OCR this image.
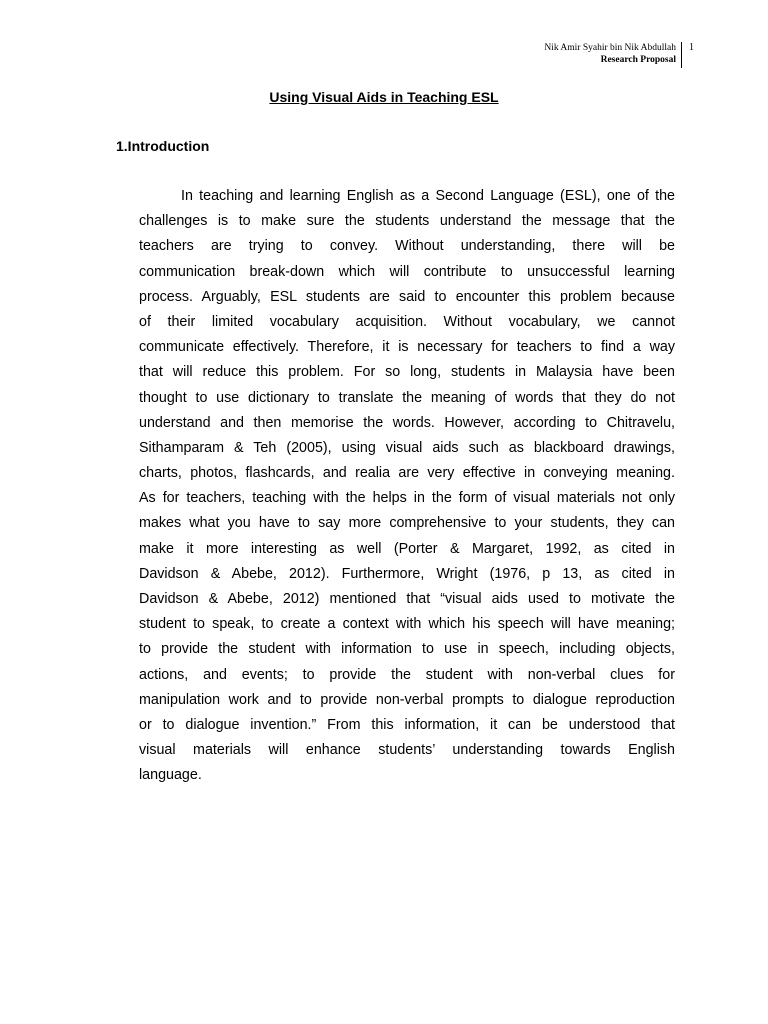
Nik Amir Syahir bin Nik Abdullah
Research Proposal
1
Using Visual Aids in Teaching ESL
1.Introduction
In teaching and learning English as a Second Language (ESL), one of the
challenges is to make sure the students understand the message that the
teachers are trying to convey. Without understanding, there will be
communication break-down which will contribute to unsuccessful learning
process. Arguably, ESL students are said to encounter this problem because
of their limited vocabulary acquisition. Without vocabulary, we cannot
communicate effectively. Therefore, it is necessary for teachers to find a way
that will reduce this problem. For so long, students in Malaysia have been
thought to use dictionary to translate the meaning of words that they do not
understand and then memorise the words. However, according to Chitravelu,
Sithamparam & Teh (2005), using visual aids such as blackboard drawings,
charts, photos, flashcards, and realia are very effective in conveying meaning.
As for teachers, teaching with the helps in the form of visual materials not only
makes what you have to say more comprehensive to your students, they can
make it more interesting as well (Porter & Margaret, 1992, as cited in
Davidson & Abebe, 2012). Furthermore, Wright (1976, p 13, as cited in
Davidson & Abebe, 2012) mentioned that “visual aids used to motivate the
student to speak, to create a context with which his speech will have meaning;
to provide the student with information to use in speech, including objects,
actions, and events; to provide the student with non-verbal clues for
manipulation work and to provide non-verbal prompts to dialogue reproduction
or to dialogue invention.” From this information, it can be understood that
visual materials will enhance students’ understanding towards English
language.
